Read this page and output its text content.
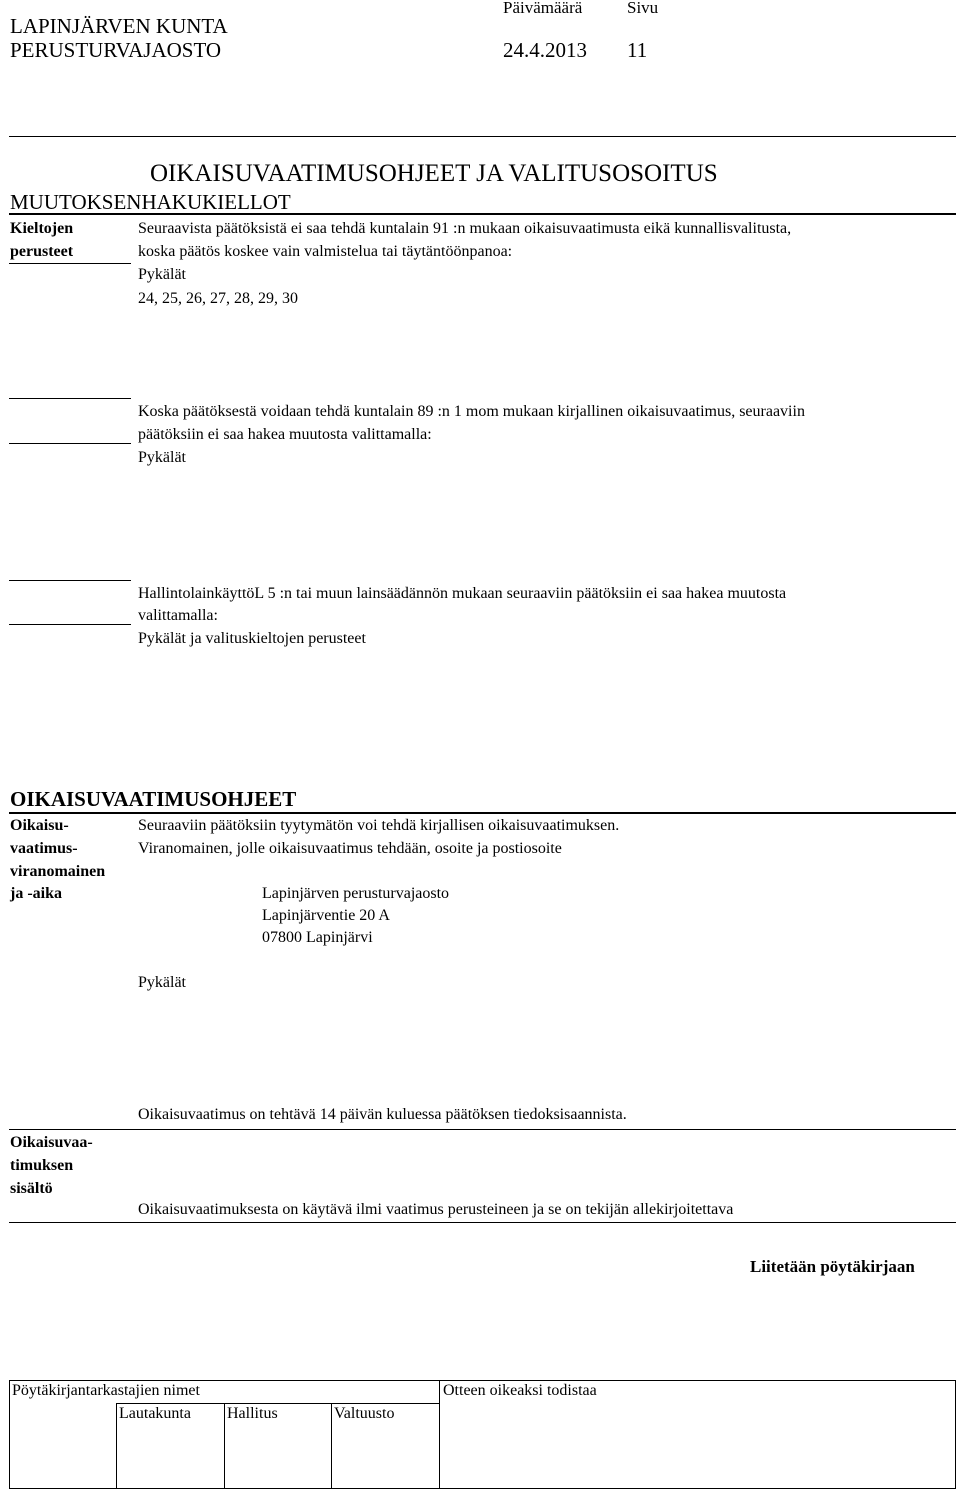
LAPINJÄRVEN KUNTA
PERUSTURVAJAOSTO
Päivämäärä
24.4.2013
Sivu
11
OIKAISUVAATIMUSOHJEET JA VALITUSOSOITUS
MUUTOKSENHAKUKIELLOT
Kieltojen
perusteet
Seuraavista päätöksistä ei saa tehdä kuntalain 91 :n mukaan oikaisuvaatimusta eikä kunnallisvalitusta,
koska päätös koskee vain valmistelua tai täytäntöönpanoa:
Pykälät
24, 25, 26, 27, 28, 29, 30
Koska päätöksestä voidaan tehdä kuntalain 89 :n 1 mom mukaan kirjallinen oikaisuvaatimus, seuraaviin
päätöksiin ei saa hakea muutosta valittamalla:
Pykälät
HallintolainkäyttöL 5 :n tai muun lainsäädännön mukaan seuraaviin päätöksiin ei saa hakea muutosta
valittamalla:
Pykälät ja valituskieltojen perusteet
OIKAISUVAATIMUSOHJEET
Oikaisu-
vaatimus-
viranomainen
ja -aika
Seuraaviin päätöksiin tyytymätön voi tehdä kirjallisen oikaisuvaatimuksen.
Viranomainen, jolle oikaisuvaatimus tehdään, osoite ja postiosoite
Lapinjärven perusturvajaosto
Lapinjärventie 20 A
07800 Lapinjärvi
Pykälät
Oikaisuvaatimus on tehtävä 14 päivän kuluessa päätöksen tiedoksisaannista.
Oikaisuvaa-
timuksen
sisältö
Oikaisuvaatimuksesta on käytävä ilmi vaatimus perusteineen ja se on tekijän allekirjoitettava
Liitetään pöytäkirjaan
Pöytäkirjantarkastajien nimet	Otteen oikeaksi todistaa
Lautakunta Hallitus	Valtuusto
